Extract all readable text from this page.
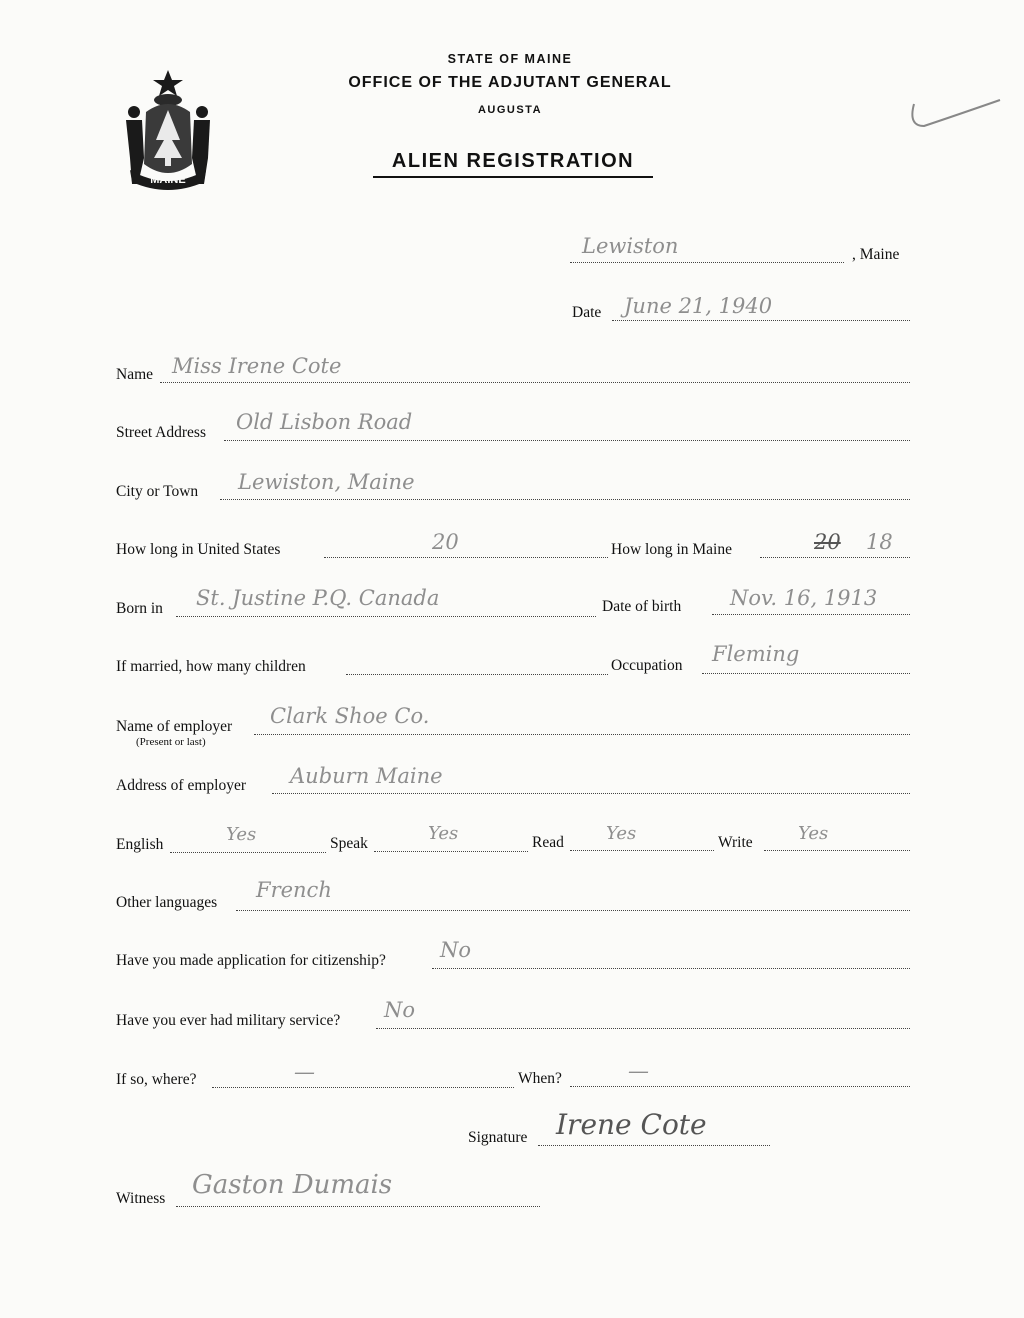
MAINE
STATE OF MAINE
OFFICE OF THE ADJUTANT GENERAL
AUGUSTA
ALIEN REGISTRATION
Lewiston	, Maine
Date June 21, 1940
Name Miss Irene Cote
Street Address Old Lisbon Road
City or Town Lewiston, Maine
How long in United States	20	How long in Maine	20 18
Born in St. Justine P.Q. Canada	Date of birth Nov. 16, 1913
If married, how many children	Occupation Fleming
Name of employer
(Present or last)
Clark Shoe Co.
Address of employer Auburn Maine
English	Yes	Speak	Yes	Read Yes	Write	Yes
Other languages
French
Have you made application for citizenship?	No
Have you ever had military service? No
If so, where?	—	When?	—
Signature Irene Cote
Witness Gaston Dumais
